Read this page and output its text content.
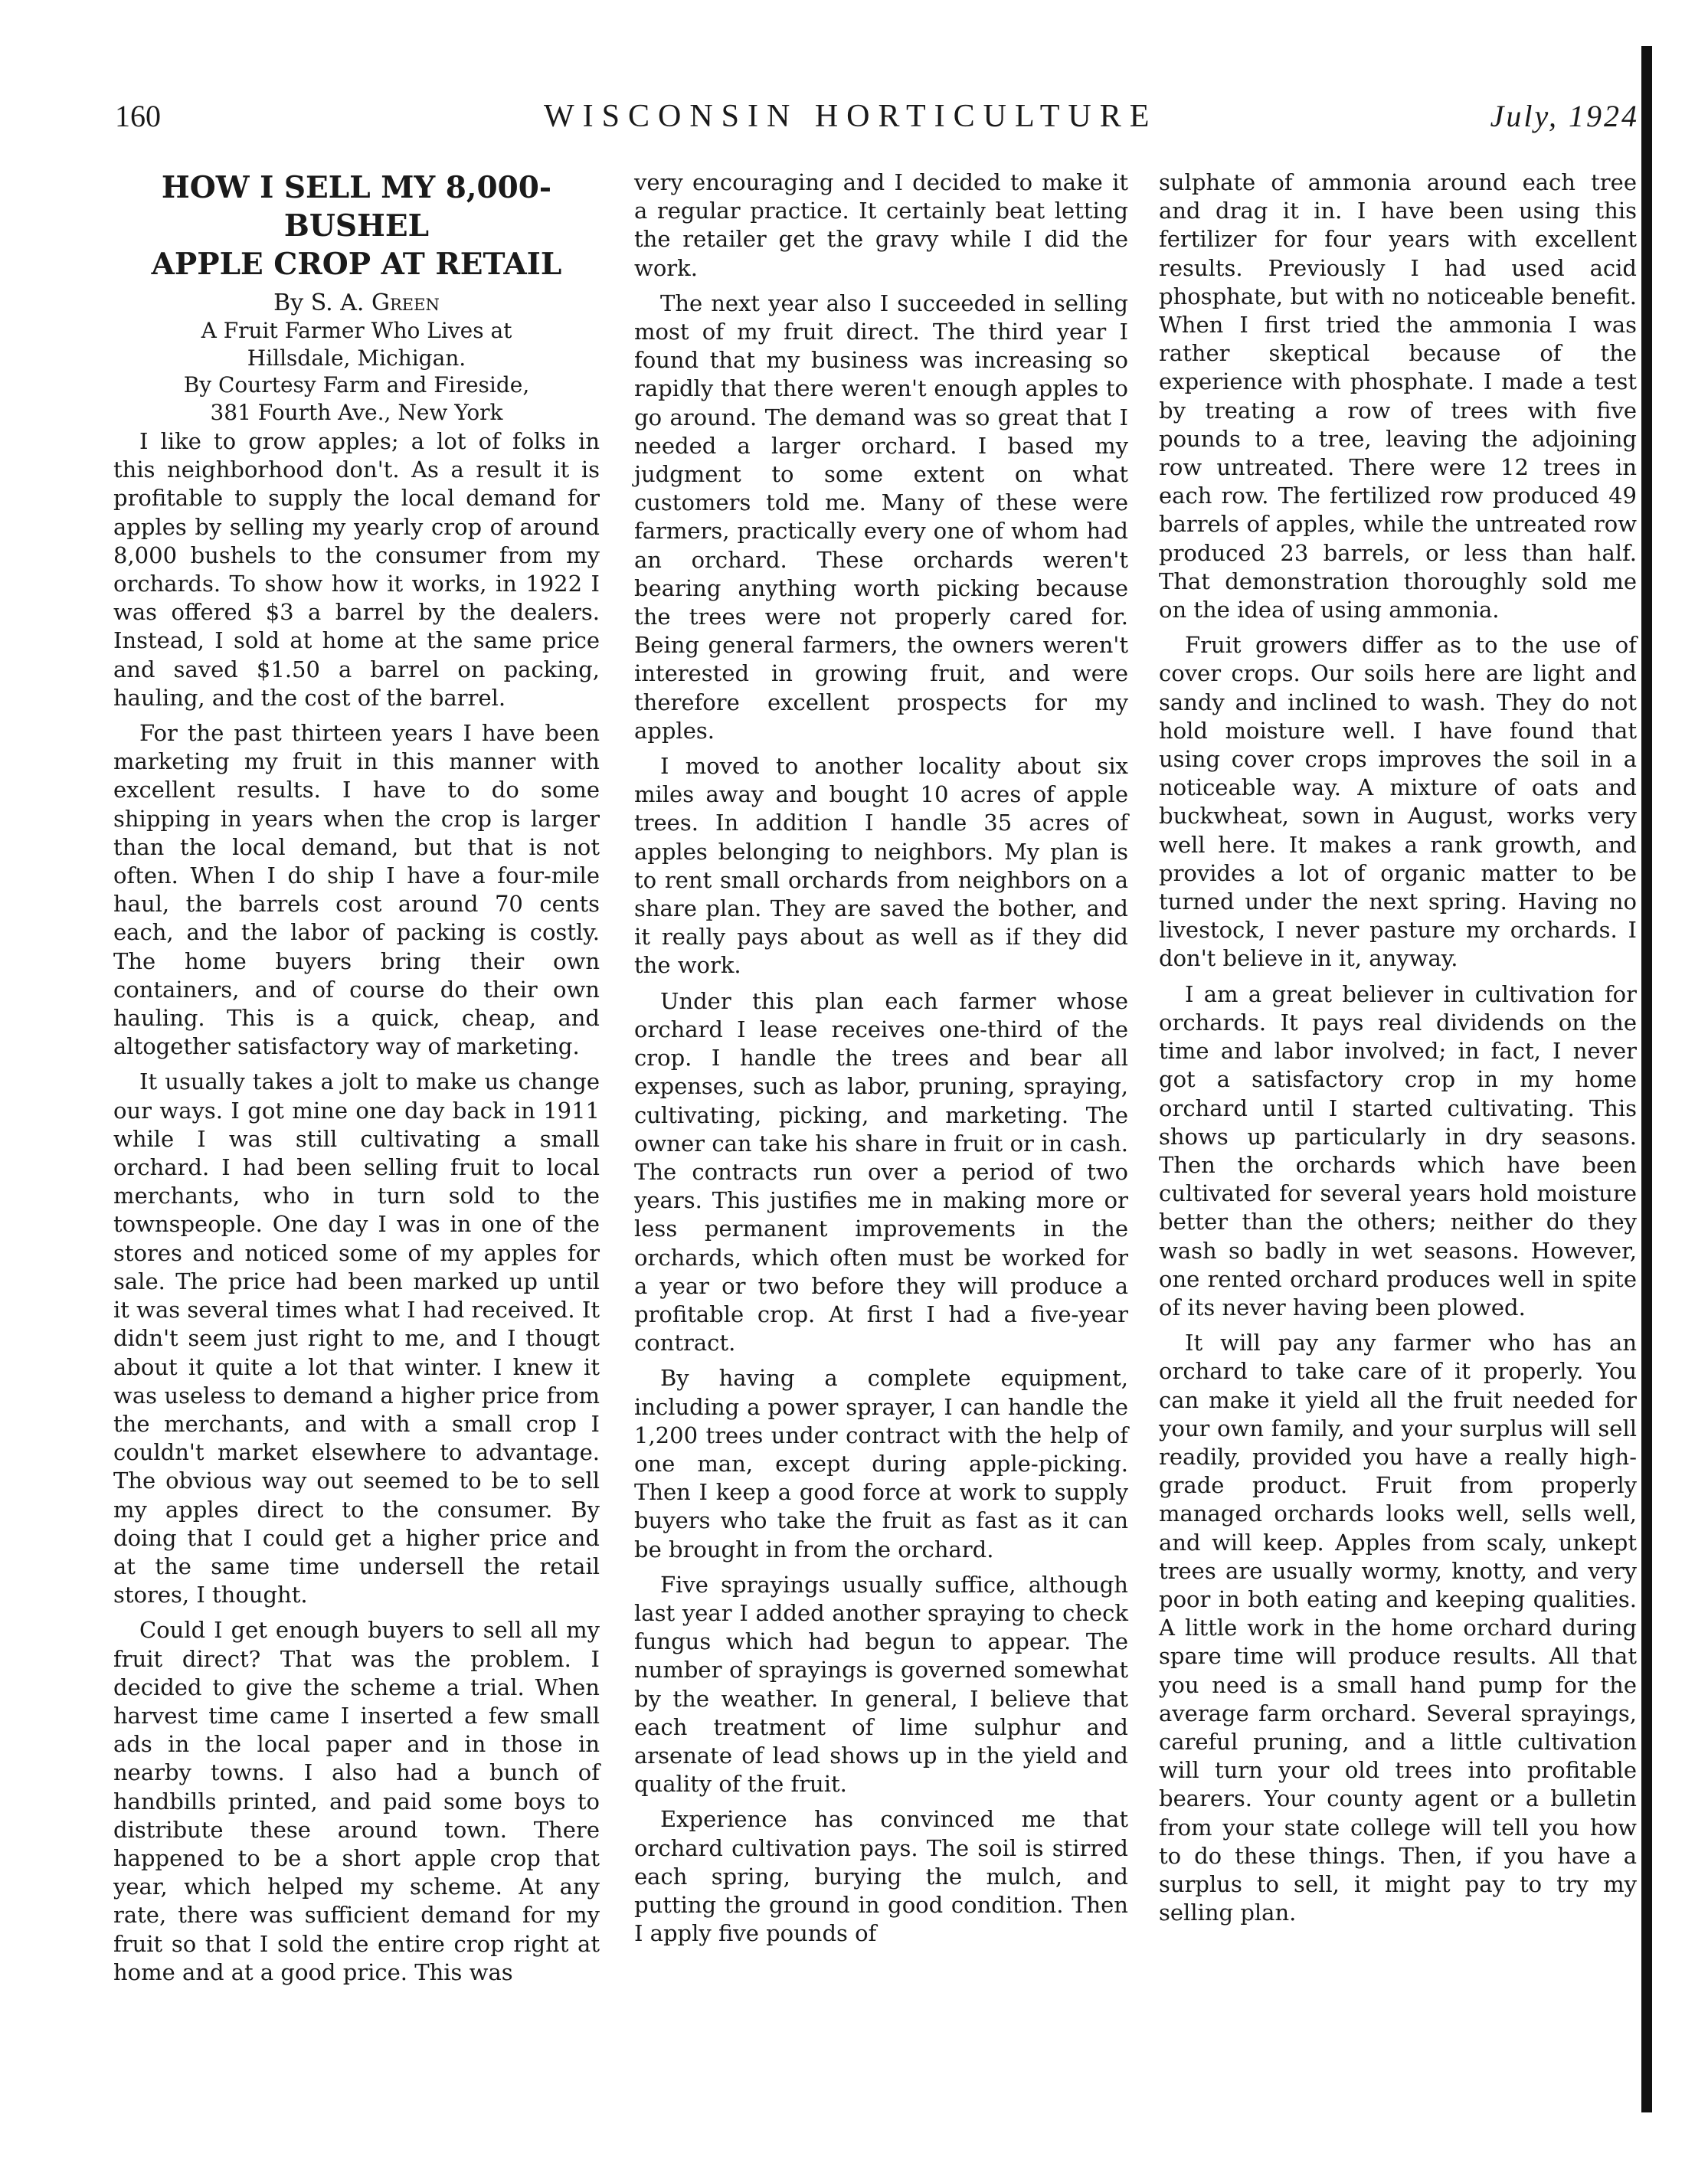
160	WISCONSIN HORTICULTURE	July, 1924
HOW I SELL MY 8,000-BUSHEL
APPLE CROP AT RETAIL
By S. A. Green
A Fruit Farmer Who Lives at
Hillsdale, Michigan.
By Courtesy Farm and Fireside,
381 Fourth Ave., New York

I like to grow apples; a lot of folks in this neighborhood don't. As a result it is profitable to supply the local demand for apples by selling my yearly crop of around 8,000 bushels to the consumer from my orchards. To show how it works, in 1922 I was offered $3 a barrel by the dealers. Instead, I sold at home at the same price and saved $1.50 a barrel on packing, hauling, and the cost of the barrel.

For the past thirteen years I have been marketing my fruit in this manner with excellent results. I have to do some shipping in years when the crop is larger than the local demand, but that is not often. When I do ship I have a four-mile haul, the barrels cost around 70 cents each, and the labor of packing is costly. The home buyers bring their own containers, and of course do their own hauling. This is a quick, cheap, and altogether satisfactory way of marketing.

It usually takes a jolt to make us change our ways. I got mine one day back in 1911 while I was still cultivating a small orchard. I had been selling fruit to local merchants, who in turn sold to the townspeople. One day I was in one of the stores and noticed some of my apples for sale. The price had been marked up until it was several times what I had received. It didn't seem just right to me, and I thougt about it quite a lot that winter. I knew it was useless to demand a higher price from the merchants, and with a small crop I couldn't market elsewhere to advantage. The obvious way out seemed to be to sell my apples direct to the consumer. By doing that I could get a higher price and at the same time undersell the retail stores, I thought.

Could I get enough buyers to sell all my fruit direct? That was the problem. I decided to give the scheme a trial. When harvest time came I inserted a few small ads in the local paper and in those in nearby towns. I also had a bunch of handbills printed, and paid some boys to distribute these around town. There happened to be a short apple crop that year, which helped my scheme. At any rate, there was sufficient demand for my fruit so that I sold the entire crop right at home and at a good price. This was

very encouraging and I decided to make it a regular practice. It certainly beat letting the retailer get the gravy while I did the work.

The next year also I succeeded in selling most of my fruit direct. The third year I found that my business was increasing so rapidly that there weren't enough apples to go around. The demand was so great that I needed a larger orchard. I based my judgment to some extent on what customers told me. Many of these were farmers, practically every one of whom had an orchard. These orchards weren't bearing anything worth picking because the trees were not properly cared for. Being general farmers, the owners weren't interested in growing fruit, and were therefore excellent prospects for my apples.

I moved to another locality about six miles away and bought 10 acres of apple trees. In addition I handle 35 acres of apples belonging to neighbors. My plan is to rent small orchards from neighbors on a share plan. They are saved the bother, and it really pays about as well as if they did the work.

Under this plan each farmer whose orchard I lease receives one-third of the crop. I handle the trees and bear all expenses, such as labor, pruning, spraying, cultivating, picking, and marketing. The owner can take his share in fruit or in cash. The contracts run over a period of two years. This justifies me in making more or less permanent improvements in the orchards, which often must be worked for a year or two before they will produce a profitable crop. At first I had a five-year contract.

By having a complete equipment, including a power sprayer, I can handle the 1,200 trees under contract with the help of one man, except during apple-picking. Then I keep a good force at work to supply buyers who take the fruit as fast as it can be brought in from the orchard.

Five sprayings usually suffice, although last year I added another spraying to check fungus which had begun to appear. The number of sprayings is governed somewhat by the weather. In general, I believe that each treatment of lime sulphur and arsenate of lead shows up in the yield and quality of the fruit.

Experience has convinced me that orchard cultivation pays. The soil is stirred each spring, burying the mulch, and putting the ground in good condition. Then I apply five pounds of

sulphate of ammonia around each tree and drag it in. I have been using this fertilizer for four years with excellent results. Previously I had used acid phosphate, but with no noticeable benefit. When I first tried the ammonia I was rather skeptical because of the experience with phosphate. I made a test by treating a row of trees with five pounds to a tree, leaving the adjoining row untreated. There were 12 trees in each row. The fertilized row produced 49 barrels of apples, while the untreated row produced 23 barrels, or less than half. That demonstration thoroughly sold me on the idea of using ammonia.

Fruit growers differ as to the use of cover crops. Our soils here are light and sandy and inclined to wash. They do not hold moisture well. I have found that using cover crops improves the soil in a noticeable way. A mixture of oats and buckwheat, sown in August, works very well here. It makes a rank growth, and provides a lot of organic matter to be turned under the next spring. Having no livestock, I never pasture my orchards. I don't believe in it, anyway.

I am a great believer in cultivation for orchards. It pays real dividends on the time and labor involved; in fact, I never got a satisfactory crop in my home orchard until I started cultivating. This shows up particularly in dry seasons. Then the orchards which have been cultivated for several years hold moisture better than the others; neither do they wash so badly in wet seasons. However, one rented orchard produces well in spite of its never having been plowed.

It will pay any farmer who has an orchard to take care of it properly. You can make it yield all the fruit needed for your own family, and your surplus will sell readily, provided you have a really high-grade product. Fruit from properly managed orchards looks well, sells well, and will keep. Apples from scaly, unkept trees are usually wormy, knotty, and very poor in both eating and keeping qualities. A little work in the home orchard during spare time will produce results. All that you need is a small hand pump for the average farm orchard. Several sprayings, careful pruning, and a little cultivation will turn your old trees into profitable bearers. Your county agent or a bulletin from your state college will tell you how to do these things. Then, if you have a surplus to sell, it might pay to try my selling plan.
